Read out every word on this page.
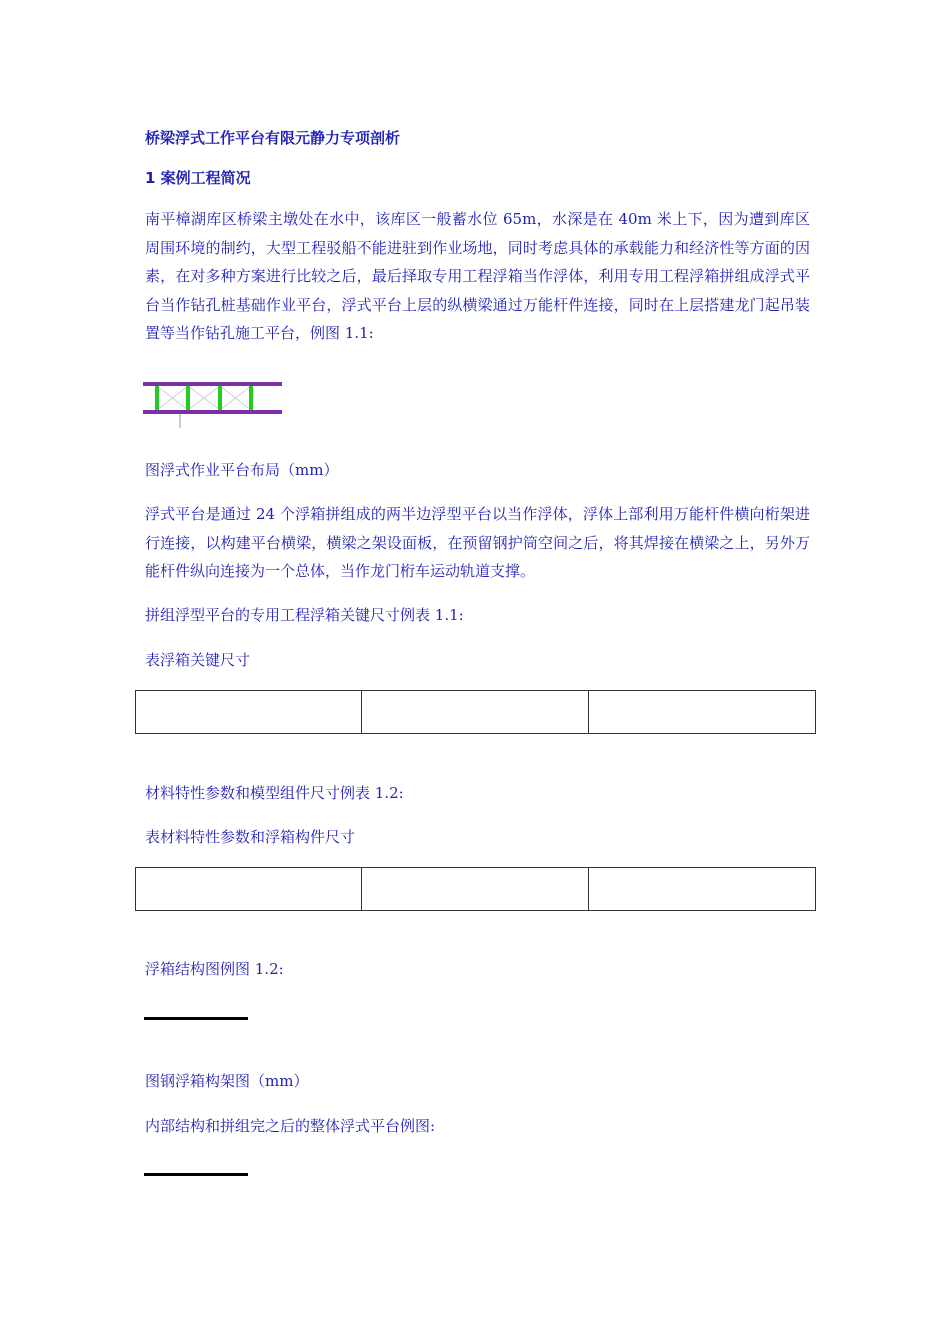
桥梁浮式工作平台有限元静力专项剖析
1 案例工程简况
南平樟湖库区桥梁主墩处在水中，该库区一般蓄水位 65m，水深是在 40m 米上下，因为遭到库区周围环境的制约，大型工程驳船不能进驻到作业场地，同时考虑具体的承载能力和经济性等方面的因素，在对多种方案进行比较之后，最后择取专用工程浮箱当作浮体，利用专用工程浮箱拼组成浮式平台当作钻孔桩基础作业平台，浮式平台上层的纵横梁通过万能杆件连接，同时在上层搭建龙门起吊装置等当作钻孔施工平台，例图 1.1:
图浮式作业平台布局（mm）
浮式平台是通过 24 个浮箱拼组成的两半边浮型平台以当作浮体，浮体上部利用万能杆件横向桁架进行连接，以构建平台横梁，横梁之架设面板，在预留钢护筒空间之后，将其焊接在横梁之上，另外万能杆件纵向连接为一个总体，当作龙门桁车运动轨道支撑。
拼组浮型平台的专用工程浮箱关键尺寸例表 1.1:
表浮箱关键尺寸

材料特性参数和模型组件尺寸例表 1.2:
表材料特性参数和浮箱构件尺寸

浮箱结构图例图 1.2:
图钢浮箱构架图（mm）
内部结构和拼组完之后的整体浮式平台例图:
